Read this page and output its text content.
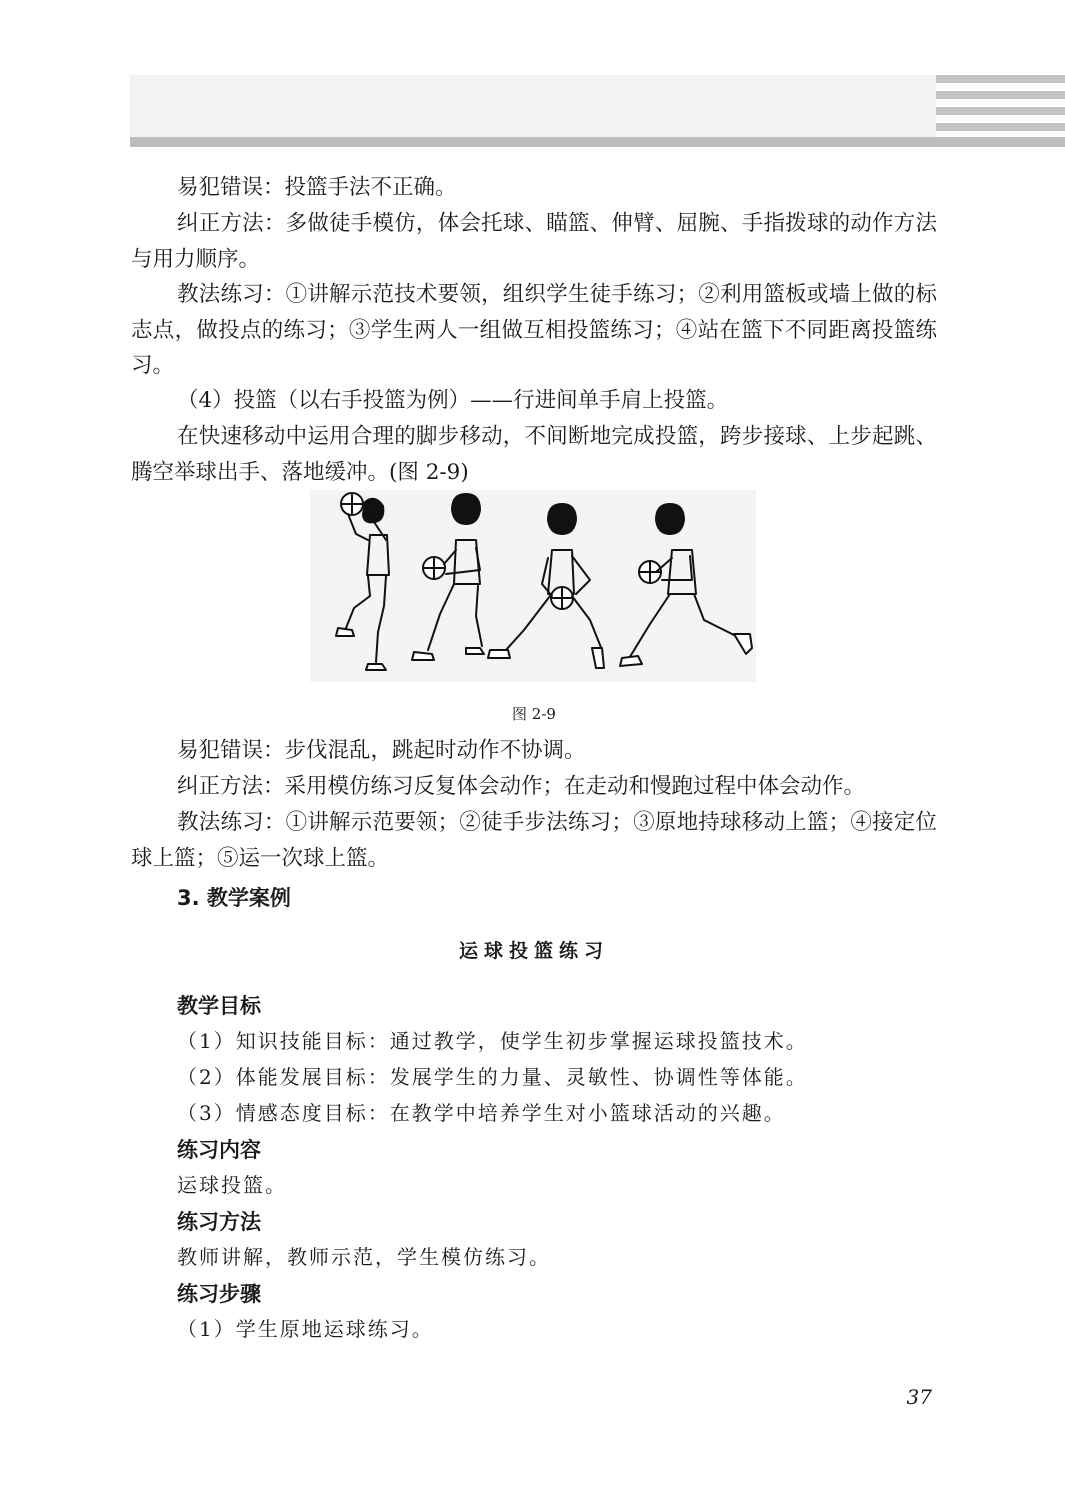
易犯错误：投篮手法不正确。

纠正方法：多做徒手模仿，体会托球、瞄篮、伸臂、屈腕、手指拨球的动作方法与用力顺序。

教法练习：①讲解示范技术要领，组织学生徒手练习；②利用篮板或墙上做的标志点，做投点的练习；③学生两人一组做互相投篮练习；④站在篮下不同距离投篮练习。

（4）投篮（以右手投篮为例）——行进间单手肩上投篮。

在快速移动中运用合理的脚步移动，不间断地完成投篮，跨步接球、上步起跳、腾空举球出手、落地缓冲。(图 2-9)

图 2-9

易犯错误：步伐混乱，跳起时动作不协调。

纠正方法：采用模仿练习反复体会动作；在走动和慢跑过程中体会动作。

教法练习：①讲解示范要领；②徒手步法练习；③原地持球移动上篮；④接定位球上篮；⑤运一次球上篮。

3. 教学案例

运球投篮练习

教学目标

（1）知识技能目标：通过教学，使学生初步掌握运球投篮技术。

（2）体能发展目标：发展学生的力量、灵敏性、协调性等体能。

（3）情感态度目标：在教学中培养学生对小篮球活动的兴趣。

练习内容

运球投篮。

练习方法

教师讲解，教师示范，学生模仿练习。

练习步骤

（1）学生原地运球练习。

37
